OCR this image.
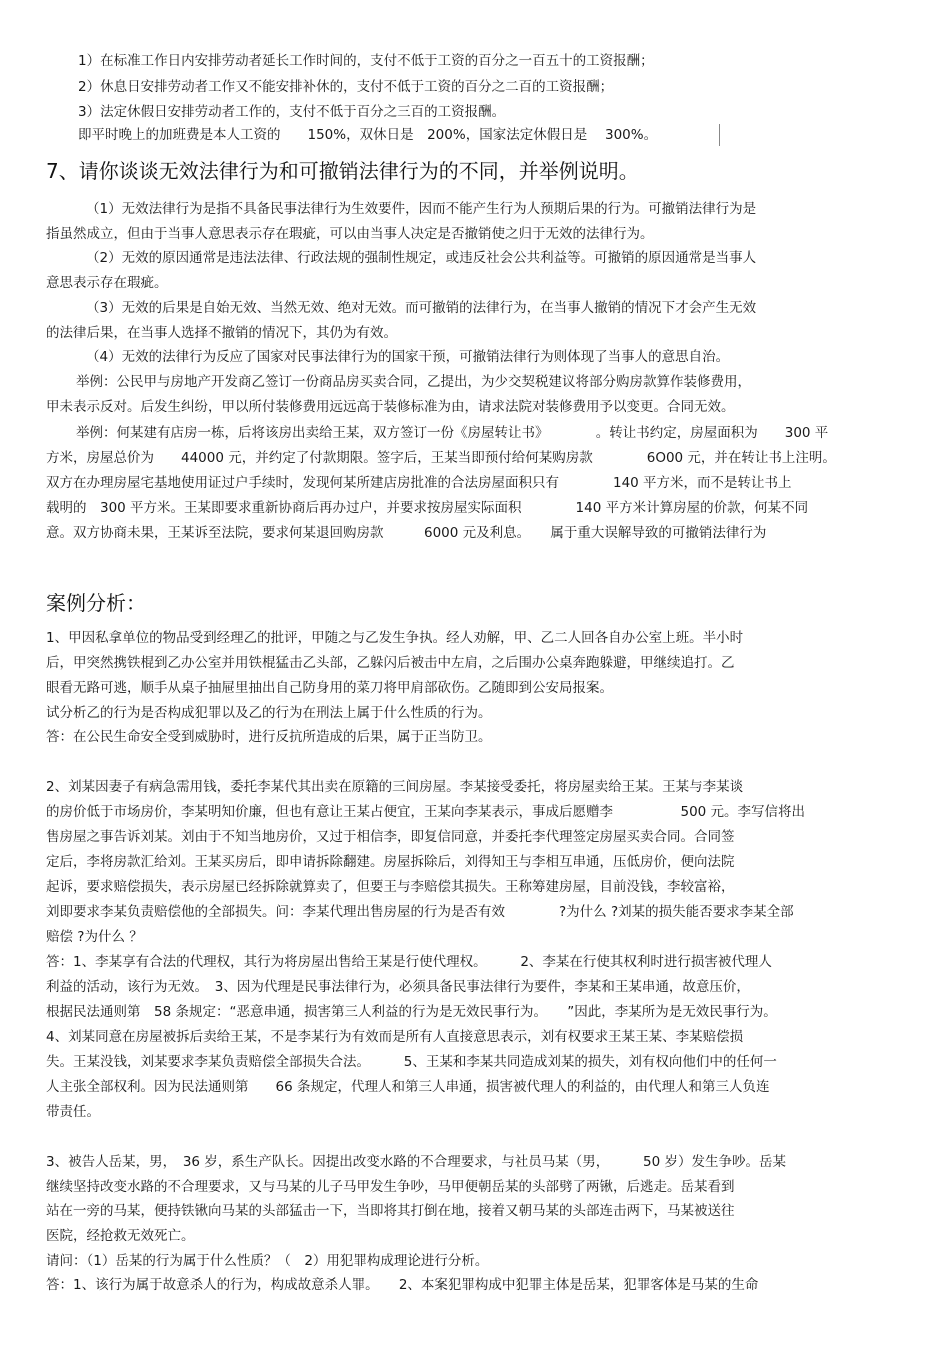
1）在标准工作日内安排劳动者延长工作时间的，支付不低于工资的百分之一百五十的工资报酬；
2）休息日安排劳动者工作又不能安排补休的，支付不低于工资的百分之二百的工资报酬；
3）法定休假日安排劳动者工作的，支付不低于百分之三百的工资报酬。
即平时晚上的加班费是本人工资的　　150%，双休日是　200%，国家法定休假日是　 300%。
7、请你谈谈无效法律行为和可撤销法律行为的不同，并举例说明。
（1）无效法律行为是指不具备民事法律行为生效要件，因而不能产生行为人预期后果的行为。可撤销法律行为是
指虽然成立，但由于当事人意思表示存在瑕疵，可以由当事人决定是否撤销使之归于无效的法律行为。
（2）无效的原因通常是违法法律、行政法规的强制性规定，或违反社会公共利益等。可撤销的原因通常是当事人
意思表示存在瑕疵。
（3）无效的后果是自始无效、当然无效、绝对无效。而可撤销的法律行为，在当事人撤销的情况下才会产生无效
的法律后果，在当事人选择不撤销的情况下，其仍为有效。
（4）无效的法律行为反应了国家对民事法律行为的国家干预，可撤销法律行为则体现了当事人的意思自治。
举例：公民甲与房地产开发商乙签订一份商品房买卖合同，乙提出，为少交契税建议将部分购房款算作装修费用，
甲未表示反对。后发生纠纷，甲以所付装修费用远远高于装修标准为由，请求法院对装修费用予以变更。合同无效。
举例：何某建有店房一栋，后将该房出卖给王某，双方签订一份《房屋转让书》　　　　。转让书约定，房屋面积为　　300 平
方米，房屋总价为　　44000 元，并约定了付款期限。签字后，王某当即预付给何某购房款　　　　6O00 元，并在转让书上注明。
双方在办理房屋宅基地使用证过户手续时，发现何某所建店房批准的合法房屋面积只有　　　　140 平方米，而不是转让书上
载明的　300 平方米。王某即要求重新协商后再办过户，并要求按房屋实际面积　　　　140 平方米计算房屋的价款，何某不同
意。双方协商未果，王某诉至法院，要求何某退回购房款　　　6000 元及利息。　　属于重大误解导致的可撤销法律行为
案例分析：
1、甲因私拿单位的物品受到经理乙的批评，甲随之与乙发生争执。经人劝解，甲、乙二人回各自办公室上班。半小时
后，甲突然携铁棍到乙办公室并用铁棍猛击乙头部，乙躲闪后被击中左肩，之后围办公桌奔跑躲避，甲继续追打。乙
眼看无路可逃，顺手从桌子抽屉里抽出自己防身用的菜刀将甲肩部砍伤。乙随即到公安局报案。
试分析乙的行为是否构成犯罪以及乙的行为在刑法上属于什么性质的行为。
答：在公民生命安全受到威胁时，进行反抗所造成的后果，属于正当防卫。
2、刘某因妻子有病急需用钱，委托李某代其出卖在原籍的三间房屋。李某接受委托，将房屋卖给王某。王某与李某谈
的房价低于市场房价，李某明知价廉，但也有意让王某占便宜，王某向李某表示，事成后愿赠李　　　　　500 元。李写信将出
售房屋之事告诉刘某。刘由于不知当地房价，又过于相信李，即复信同意，并委托李代理签定房屋买卖合同。合同签
定后，李将房款汇给刘。王某买房后，即申请拆除翻建。房屋拆除后，刘得知王与李相互串通，压低房价，便向法院
起诉，要求赔偿损失，表示房屋已经拆除就算卖了，但要王与李赔偿其损失。王称筹建房屋，目前没钱，李较富裕，
刘即要求李某负责赔偿他的全部损失。问：李某代理出售房屋的行为是否有效　　　　?为什么 ?刘某的损失能否要求李某全部
赔偿 ?为什么 ？
答：1、李某享有合法的代理权，其行为将房屋出售给王某是行使代理权。　　　2、李某在行使其权利时进行损害被代理人
利益的活动，该行为无效。　3、因为代理是民事法律行为，必须具备民事法律行为要件，李某和王某串通，故意压价，
根据民法通则第　58 条规定：“恶意串通，损害第三人利益的行为是无效民事行为。　　”因此，李某所为是无效民事行为。
4、刘某同意在房屋被拆后卖给王某，不是李某行为有效而是所有人直接意思表示，刘有权要求王某王某、李某赔偿损
失。王某没钱，刘某要求李某负责赔偿全部损失合法。　　　5、王某和李某共同造成刘某的损失，刘有权向他们中的任何一
人主张全部权利。因为民法通则第　　66 条规定，代理人和第三人串通，损害被代理人的利益的，由代理人和第三人负连
带责任。
3、被告人岳某，男，　36 岁，系生产队长。因提出改变水路的不合理要求，与社员马某（男，　　　50 岁）发生争吵。岳某
继续坚持改变水路的不合理要求，又与马某的儿子马甲发生争吵，马甲便朝岳某的头部劈了两锹，后逃走。岳某看到
站在一旁的马某，便持铁锹向马某的头部猛击一下，当即将其打倒在地，接着又朝马某的头部连击两下，马某被送往
医院，经抢救无效死亡。
请问：（1）岳某的行为属于什么性质？（　2）用犯罪构成理论进行分析。
答：1、该行为属于故意杀人的行为，构成故意杀人罪。　　2、本案犯罪构成中犯罪主体是岳某，犯罪客体是马某的生命
